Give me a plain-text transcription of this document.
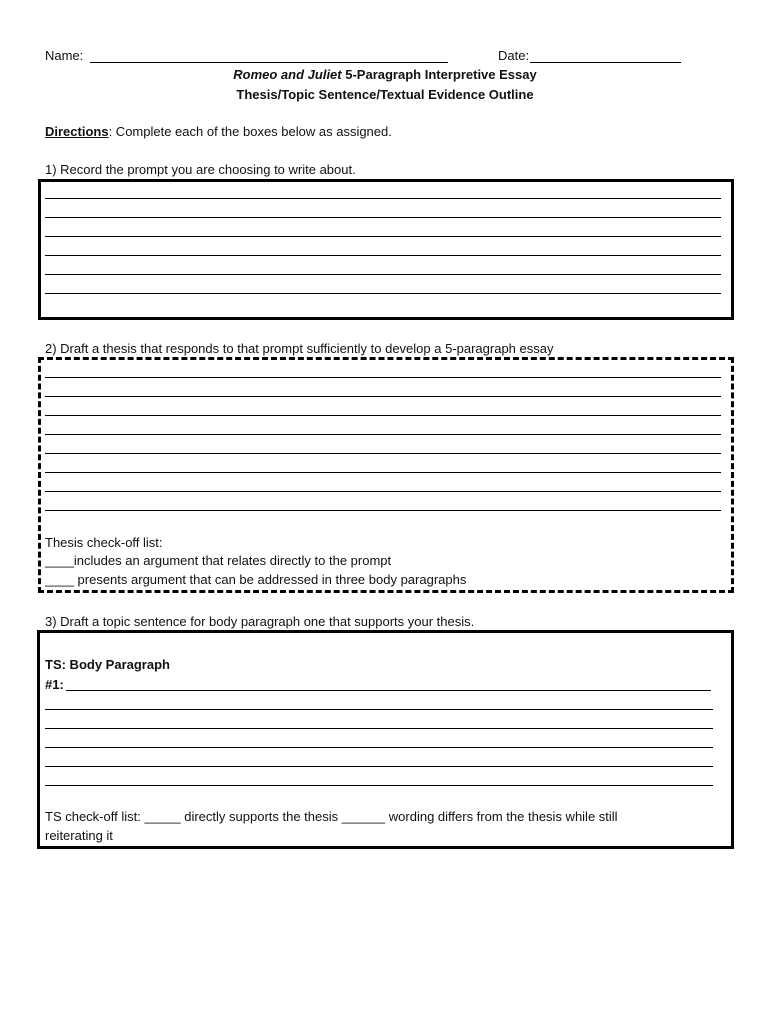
Name:	Date:
Romeo and Juliet 5-Paragraph Interpretive Essay
Thesis/Topic Sentence/Textual Evidence Outline
Directions: Complete each of the boxes below as assigned.
1) Record the prompt you are choosing to write about.
2) Draft a thesis that responds to that prompt sufficiently to develop a 5-paragraph essay
Thesis check-off list:
____includes an argument that relates directly to the prompt
____ presents argument that can be addressed in three body paragraphs
3) Draft a topic sentence for body paragraph one that supports your thesis.
TS: Body Paragraph
#1:
TS check-off list: _____ directly supports the thesis ______ wording differs from the thesis while still
reiterating it
